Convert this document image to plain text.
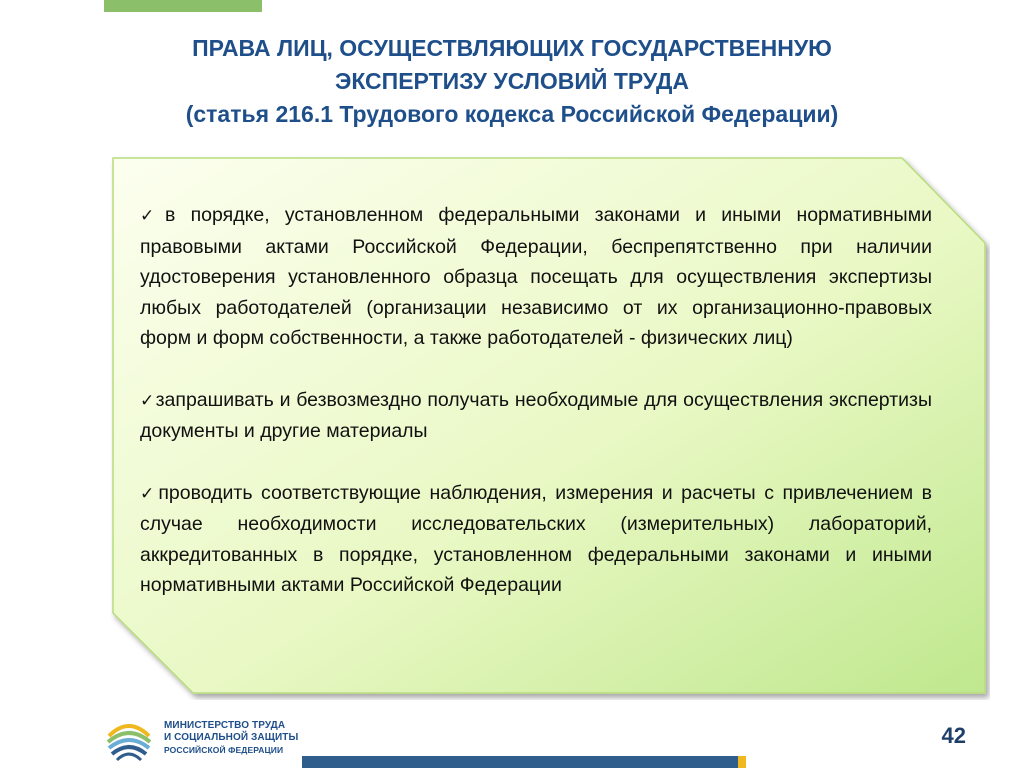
ПРАВА ЛИЦ, ОСУЩЕСТВЛЯЮЩИХ ГОСУДАРСТВЕННУЮ
ЭКСПЕРТИЗУ УСЛОВИЙ ТРУДА
(статья 216.1 Трудового кодекса Российской Федерации)

✓в порядке, установленном федеральными законами и иными нормативными правовыми актами Российской Федерации, беспрепятственно при наличии удостоверения установленного образца посещать для осуществления экспертизы любых работодателей (организации независимо от их организационно-правовых форм и форм собственности, а также работодателей - физических лиц)

✓запрашивать и безвозмездно получать необходимые для осуществления экспертизы документы и другие материалы

✓проводить соответствующие наблюдения, измерения и расчеты с привлечением в случае необходимости исследовательских (измерительных) лабораторий, аккредитованных в порядке, установленном федеральными законами и иными нормативными актами Российской Федерации

МИНИСТЕРСТВО ТРУДА
И СОЦИАЛЬНОЙ ЗАЩИТЫ
РОССИЙСКОЙ ФЕДЕРАЦИИ
42
